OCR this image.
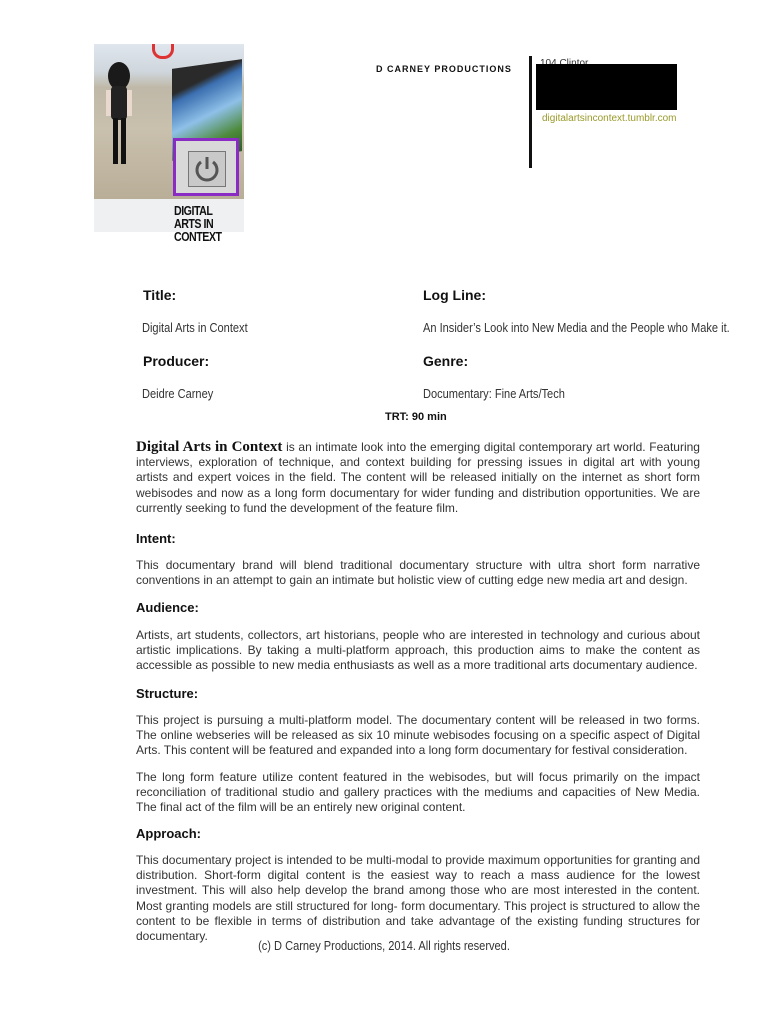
DIGITAL ARTS IN CONTEXT
D CARNEY PRODUCTIONS
digitalartsincontext.tumblr.com
Title:
Digital Arts in Context
Log Line:
An Insider’s Look into New Media and the People who Make it.
Producer:
Deidre Carney
Genre:
Documentary: Fine Arts/Tech
TRT: 90 min
Digital Arts in Context is an intimate look into the emerging digital contemporary art world. Featuring interviews, exploration of technique, and context building for pressing issues in digital art with young artists and expert voices in the field. The content will be released initially on the internet as short form webisodes and now as a long form documentary for wider funding and distribution opportunities. We are currently seeking to fund the development of the feature film.
Intent:
This documentary brand will blend traditional documentary structure with ultra short form narrative conventions in an attempt to gain an intimate but holistic view of cutting edge new media art and design.
Audience:
Artists, art students, collectors, art historians, people who are interested in technology and curious about artistic implications. By taking a multi-platform approach, this production aims to make the content as accessible as possible to new media enthusiasts as well as a more traditional arts documentary audience.
Structure:
This project is pursuing a multi-platform model. The documentary content will be released in two forms. The online webseries will be released as six 10 minute webisodes focusing on a specific aspect of Digital Arts. This content will be featured and expanded into a long form documentary for festival consideration.
The long form feature utilize content featured in the webisodes, but will focus primarily on the impact reconciliation of traditional studio and gallery practices with the mediums and capacities of New Media. The final act of the film will be an entirely new original content.
Approach:
This documentary project is intended to be multi-modal to provide maximum opportunities for granting and distribution. Short-form digital content is the easiest way to reach a mass audience for the lowest investment. This will also help develop the brand among those who are most interested in the content. Most granting models are still structured for long- form documentary. This project is structured to allow the content to be flexible in terms of distribution and take advantage of the existing funding structures for documentary.
(c) D Carney Productions, 2014. All rights reserved.
